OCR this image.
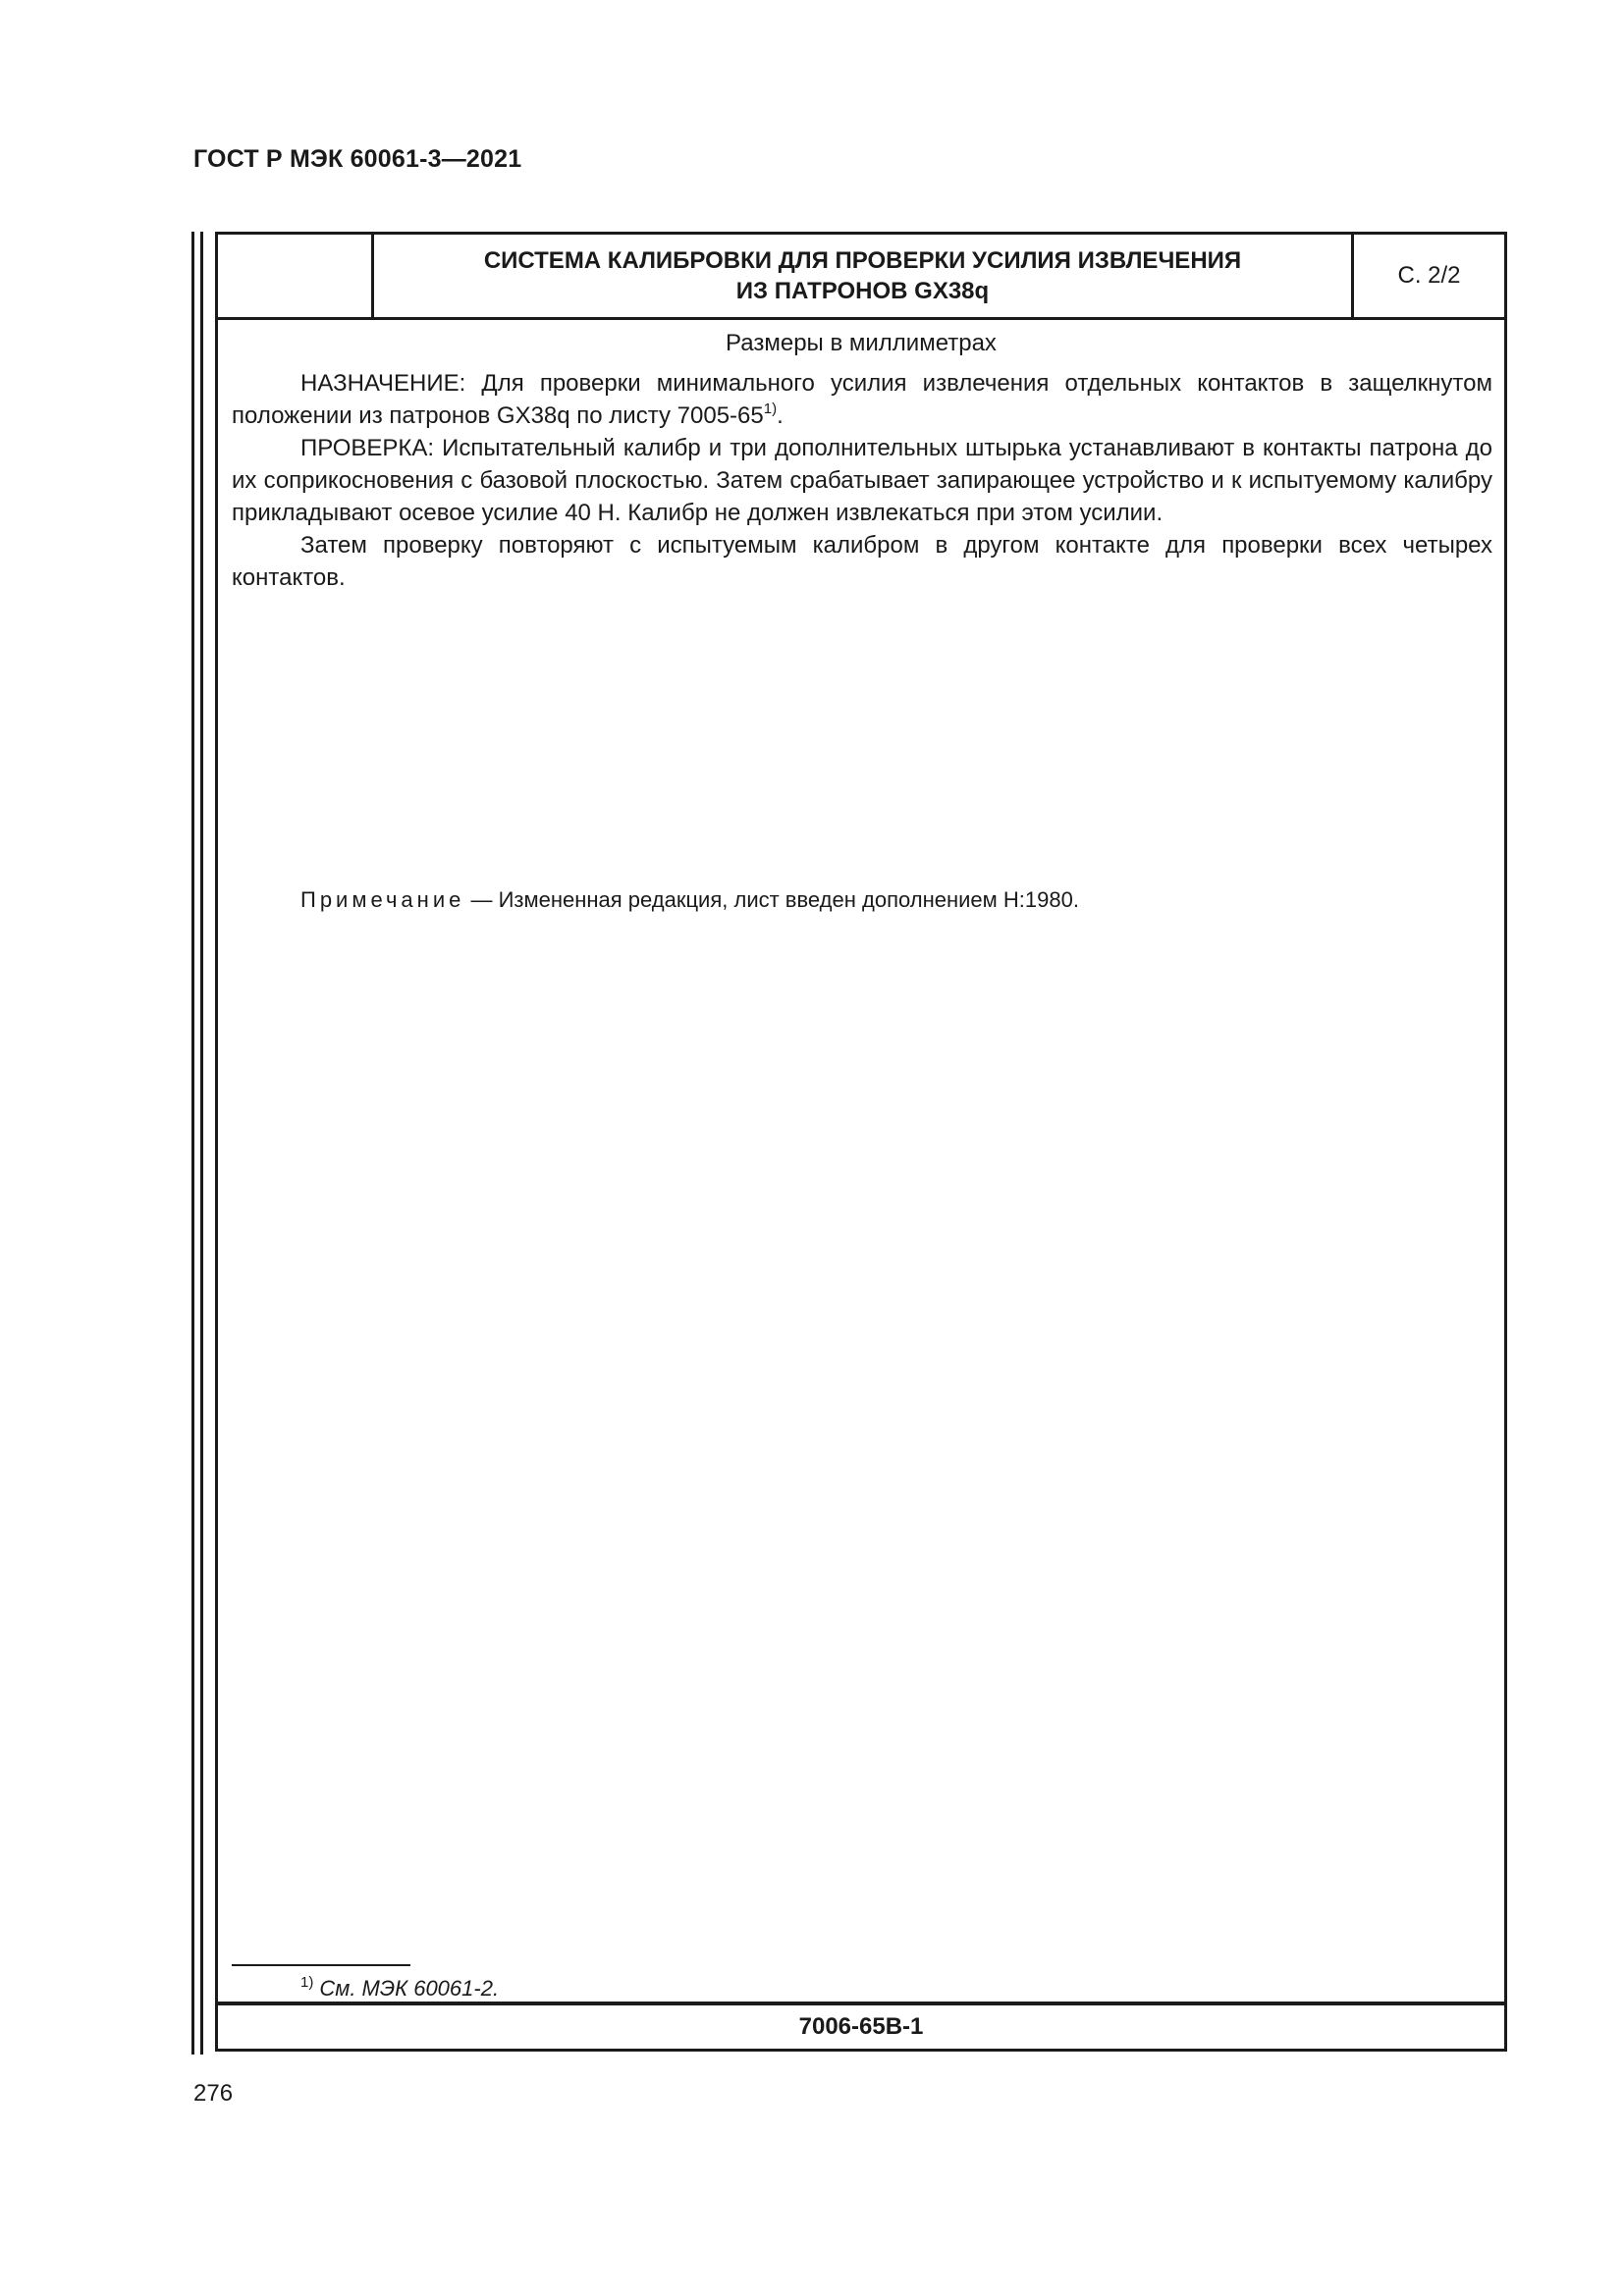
ГОСТ Р МЭК 60061-3—2021
СИСТЕМА КАЛИБРОВКИ ДЛЯ ПРОВЕРКИ УСИЛИЯ ИЗВЛЕЧЕНИЯ
ИЗ ПАТРОНОВ GX38q
С. 2/2
Размеры в миллиметрах

НАЗНАЧЕНИЕ: Для проверки минимального усилия извлечения отдельных контактов в защелкнутом положении из патронов GX38q по листу 7005-65$^{1)}$.

ПРОВЕРКА: Испытательный калибр и три дополнительных штырька устанавливают в контакты патрона до их соприкосновения с базовой плоскостью. Затем срабатывает запирающее устройство и к испытуемому калибру прикладывают осевое усилие 40 Н. Калибр не должен извлекаться при этом усилии.

Затем проверку повторяют с испытуемым калибром в другом контакте для проверки всех четырех контактов.

Примечание — Измененная редакция, лист введен дополнением Н:1980.
$^{1)}$ См. МЭК 60061-2.
7006-65B-1
276
